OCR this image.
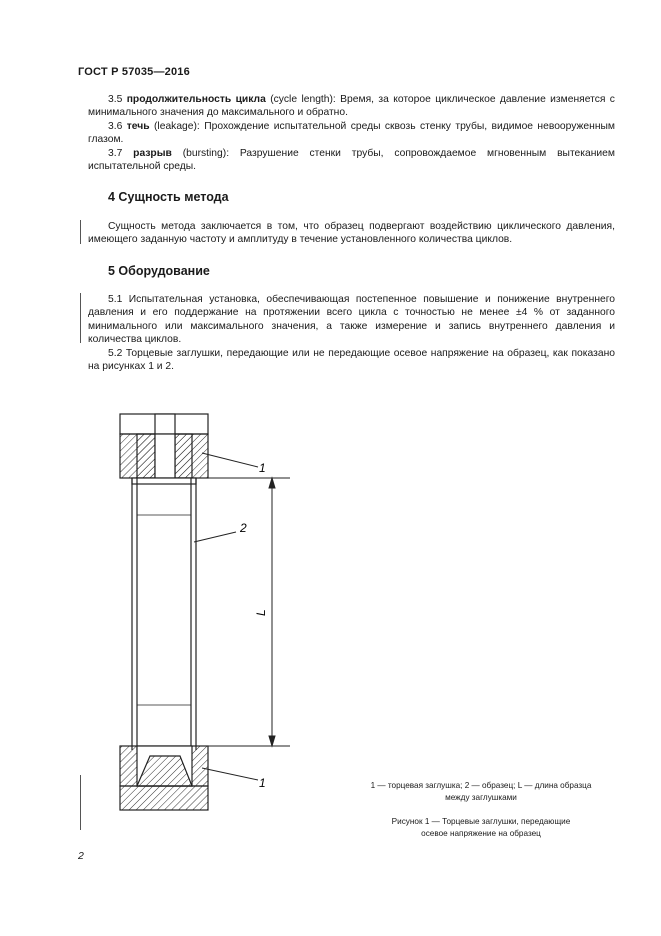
ГОСТ Р 57035—2016

3.5 продолжительность цикла (cycle length): Время, за которое циклическое давление изменяется с минимального значения до максимального и обратно.

3.6 течь (leakage): Прохождение испытательной среды сквозь стенку трубы, видимое невооруженным глазом.

3.7 разрыв (bursting): Разрушение стенки трубы, сопровождаемое мгновенным вытеканием испытательной среды.

4 Сущность метода

Сущность метода заключается в том, что образец подвергают воздействию циклического давления, имеющего заданную частоту и амплитуду в течение установленного количества циклов.

5 Оборудование

5.1 Испытательная установка, обеспечивающая постепенное повышение и понижение внутреннего давления и его поддержание на протяжении всего цикла с точностью не менее ±4 % от заданного минимального или максимального значения, а также измерение и запись внутреннего давления и количества циклов.

5.2 Торцевые заглушки, передающие или не передающие осевое напряжение на образец, как показано на рисунках 1 и 2.

1
2
L
1	1 — торцевая заглушка; 2 — образец; L — длина образца
между заглушками
Рисунок 1 — Торцевые заглушки, передающие
осевое напряжение на образец
2
